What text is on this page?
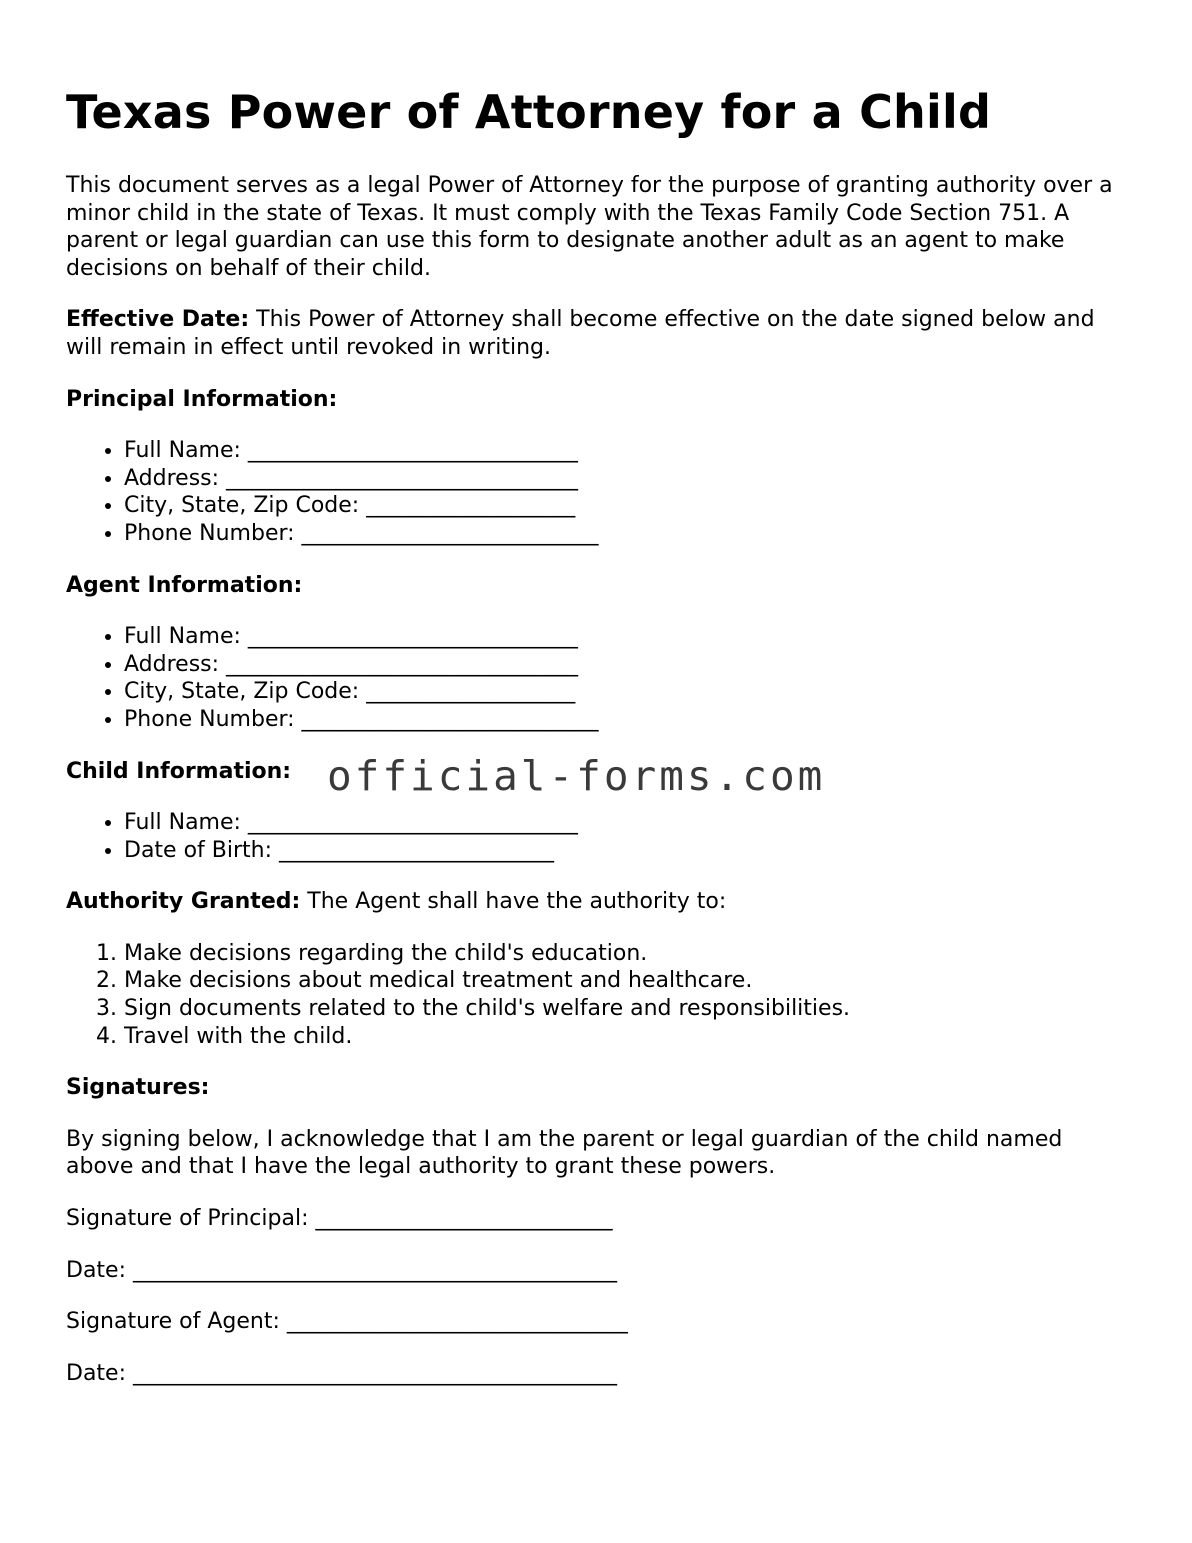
Texas Power of Attorney for a Child

This document serves as a legal Power of Attorney for the purpose of granting authority over a minor child in the state of Texas. It must comply with the Texas Family Code Section 751. A parent or legal guardian can use this form to designate another adult as an agent to make decisions on behalf of their child.

Effective Date: This Power of Attorney shall become effective on the date signed below and will remain in effect until revoked in writing.

Principal Information:

• Full Name: ______________________________
• Address: ________________________________
• City, State, Zip Code: ___________________
• Phone Number: ___________________________

Agent Information:

• Full Name: ______________________________
• Address: ________________________________
• City, State, Zip Code: ___________________
• Phone Number: ___________________________

Child Information:

• Full Name: ______________________________
• Date of Birth: _________________________

Authority Granted: The Agent shall have the authority to:

1. Make decisions regarding the child's education.
2. Make decisions about medical treatment and healthcare.
3. Sign documents related to the child's welfare and responsibilities.
4. Travel with the child.

Signatures:

By signing below, I acknowledge that I am the parent or legal guardian of the child named above and that I have the legal authority to grant these powers.

Signature of Principal: ___________________________

Date: ____________________________________________

Signature of Agent: _______________________________

Date: ____________________________________________

official-forms.com
